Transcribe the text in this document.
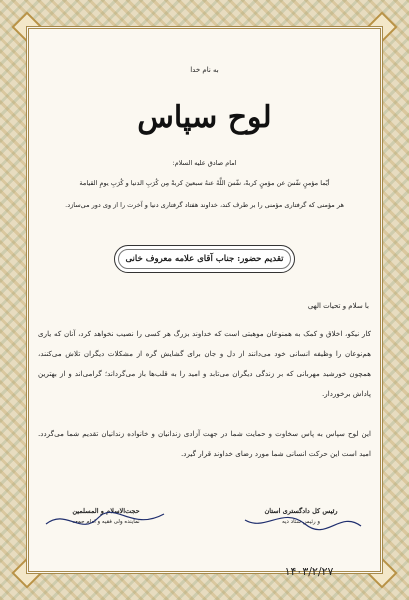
به نام خدا
لوح سپاس
امام صادق علیه السلام:
أيّما مؤمنٍ نفّسَ عن مؤمنٍ كربةً، نفّسَ اللَّهُ عنهُ سبعينَ كربةً مِن كُرَبِ الدنيا و كُرَبِ يومِ القيامة
هر مؤمنی که گرفتاری مؤمنی را بر طرف کند، خداوند هفتاد گرفتاری دنیا و آخرت را از وی دور می‌سازد.
تقدیم حضور: جناب آقای علامه معروف خانی
با سلام و تحیات الهی
کار نیکو، اخلاق و کمک به همنوعان موهبتی است که خداوند بزرگ هر کسی را نصیب نخواهد کرد، آنان که یاری هم‌نوعان را وظیفه انسانی خود می‌دانند از دل و جان برای گشایش گره از مشکلات دیگران تلاش می‌کنند، همچون خورشید مهربانی که بر زندگی دیگران می‌تابد و امید را به قلب‌ها باز می‌گرداند؛ گرامی‌اند و از بهترین پاداش برخوردار.
این لوح سپاس به پاس سخاوت و حمایت شما در جهت آزادی زندانیان و خانواده زندانیان تقدیم شما می‌گردد. امید است این حرکت انسانی شما مورد رضای خداوند قرار گیرد.
حجت‌الاسلام و المسلمین
نماینده ولی فقیه و امام جمعه
رئیس کل دادگستری استان
و رئیس ستاد دیه
۱۴۰۳/۲/۲۷
